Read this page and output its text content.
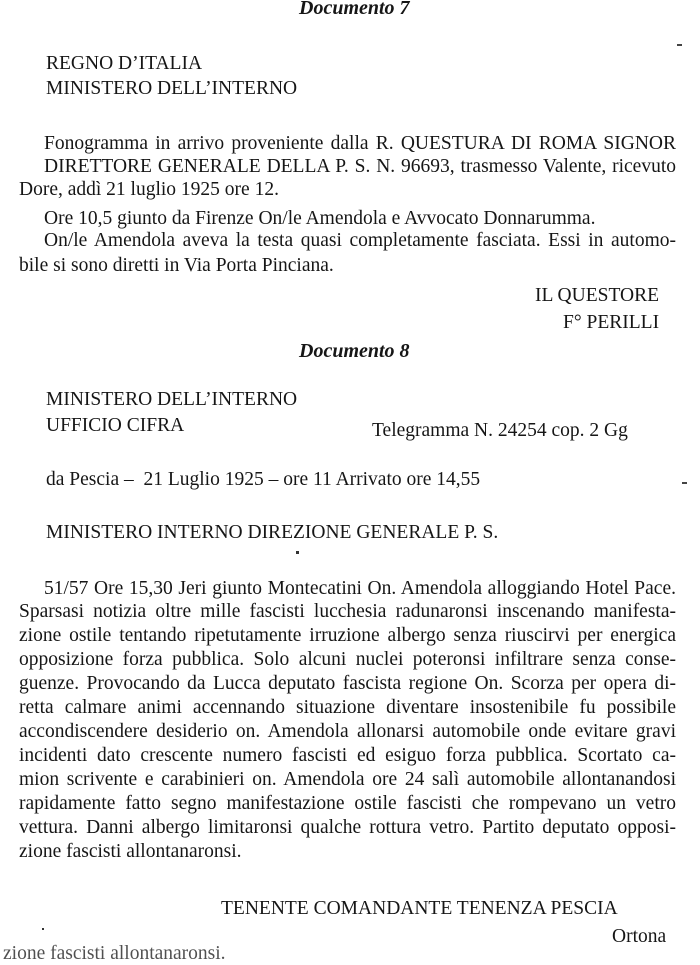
Documento 7
REGNO D’ITALIA
MINISTERO DELL’INTERNO
Fonogramma in arrivo proveniente dalla R. QUESTURA DI ROMA SIGNOR
DIRETTORE GENERALE DELLA P. S. N. 96693, trasmesso Valente, ricevuto
Dore, addì 21 luglio 1925 ore 12.
Ore 10,5 giunto da Firenze On/le Amendola e Avvocato Donnarumma.
On/le Amendola aveva la testa quasi completamente fasciata. Essi in automo-
bile si sono diretti in Via Porta Pinciana.
IL QUESTORE
F° PERILLI
Documento 8
MINISTERO DELL’INTERNO
UFFICIO CIFRA	Telegramma N. 24254 cop. 2 Gg
da Pescia –  21 Luglio 1925 – ore 11 Arrivato ore 14,55
MINISTERO INTERNO DIREZIONE GENERALE P. S.
51/57 Ore 15,30 Jeri giunto Montecatini On. Amendola alloggiando Hotel Pace.
Sparsasi notizia oltre mille fascisti lucchesia radunaronsi inscenando manifesta-
zione ostile tentando ripetutamente irruzione albergo senza riuscirvi per energica
opposizione forza pubblica. Solo alcuni nuclei poteronsi infiltrare senza conse-
guenze. Provocando da Lucca deputato fascista regione On. Scorza per opera di-
retta calmare animi accennando situazione diventare insostenibile fu possibile
accondiscendere desiderio on. Amendola allonarsi automobile onde evitare gravi
incidenti dato crescente numero fascisti ed esiguo forza pubblica. Scortato ca-
mion scrivente e carabinieri on. Amendola ore 24 salì automobile allontanandosi
rapidamente fatto segno manifestazione ostile fascisti che rompevano un vetro
vettura. Danni albergo limitaronsi qualche rottura vetro. Partito deputato opposi-
zione fascisti allontanaronsi.
TENENTE COMANDANTE TENENZA PESCIA
Ortona
zione fascisti allontanaronsi.
